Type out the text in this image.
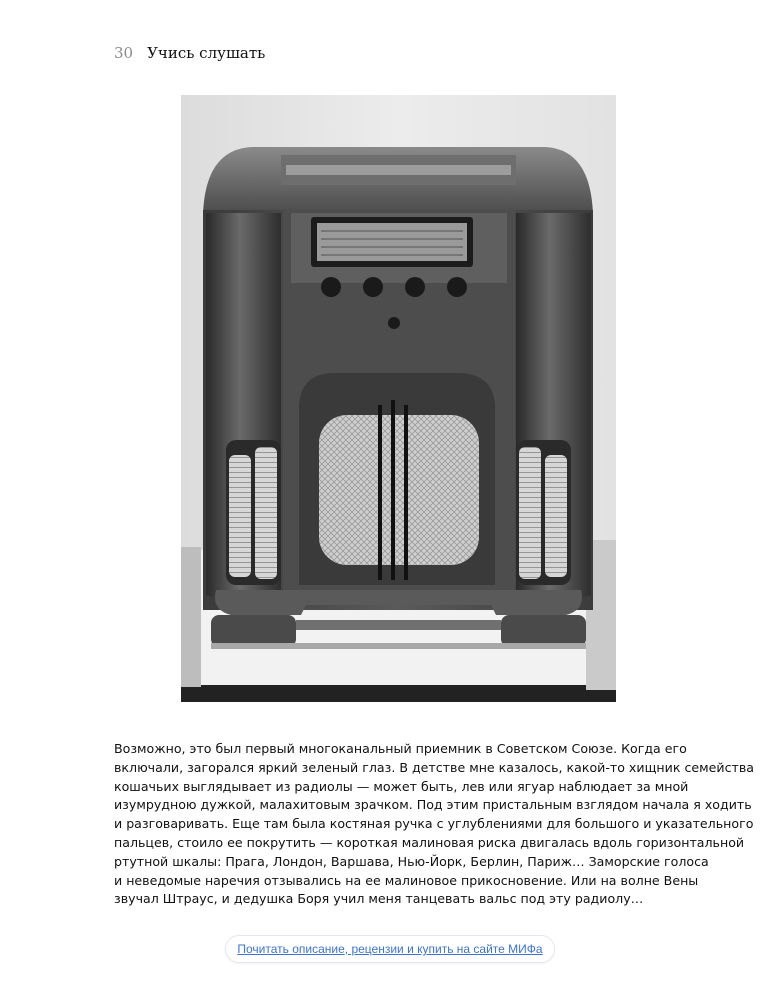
30 Учись слушать
Возможно, это был первый многоканальный приемник в Советском Союзе. Когда его
включали, загорался яркий зеленый глаз. В детстве мне казалось, какой-то хищник семейства
кошачьих выглядывает из радиолы — может быть, лев или ягуар наблюдает за мной
изумрудною дужкой, малахитовым зрачком. Под этим пристальным взглядом начала я ходить
и разговаривать. Еще там была костяная ручка с углублениями для большого и указательного
пальцев, стоило ее покрутить — короткая малиновая риска двигалась вдоль горизонтальной
ртутной шкалы: Прага, Лондон, Варшава, Нью-Йорк, Берлин, Париж… Заморские голоса
и неведомые наречия отзывались на ее малиновое прикосновение. Или на волне Вены
звучал Штраус, и дедушка Боря учил меня танцевать вальс под эту радиолу…
Почитать описание, рецензии и купить на сайте МИФа
